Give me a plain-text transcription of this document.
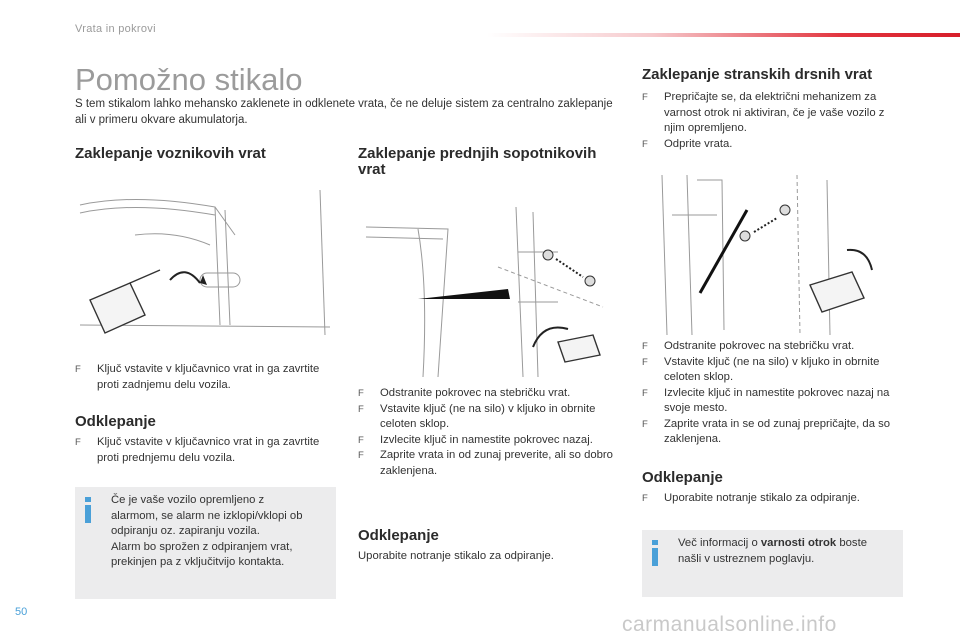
Vrata in pokrovi
Pomožno stikalo
S tem stikalom lahko mehansko zaklenete in odklenete vrata, če ne deluje sistem za centralno zaklepanje ali v primeru okvare akumulatorja.
Zaklepanje voznikovih vrat
F Ključ vstavite v ključavnico vrat in ga zavrtite proti zadnjemu delu vozila.
Odklepanje
F Ključ vstavite v ključavnico vrat in ga zavrtite proti prednjemu delu vozila.
Če je vaše vozilo opremljeno z
alarmom, se alarm ne izklopi/vklopi ob
odpiranju oz. zapiranju vozila.
Alarm bo sprožen z odpiranjem vrat,
prekinjen pa z vključitvijo kontakta.
Zaklepanje prednjih sopotnikovih vrat
F
F Odstranite pokrovec na stebričku vrat.
F Vstavite ključ (ne na silo) v kljuko in obrnite celoten sklop.
F Izvlecite ključ in namestite pokrovec nazaj.
F Zaprite vrata in od zunaj preverite, ali so dobro zaklenjena.
Odklepanje
Uporabite notranje stikalo za odpiranje.
Zaklepanje stranskih drsnih vrat
F Prepričajte se, da električni mehanizem za varnost otrok ni aktiviran, če je vaše vozilo z njim opremljeno.
F Odprite vrata.
F Odstranite pokrovec na stebričku vrat.
F Vstavite ključ (ne na silo) v kljuko in obrnite celoten sklop.
F Izvlecite ključ in namestite pokrovec nazaj na svoje mesto.
F Zaprite vrata in se od zunaj prepričajte, da so zaklenjena.
Odklepanje
F Uporabite notranje stikalo za odpiranje.
Več informacij o varnosti otrok boste
našli v ustreznem poglavju.
50
carmanualsonline.info
